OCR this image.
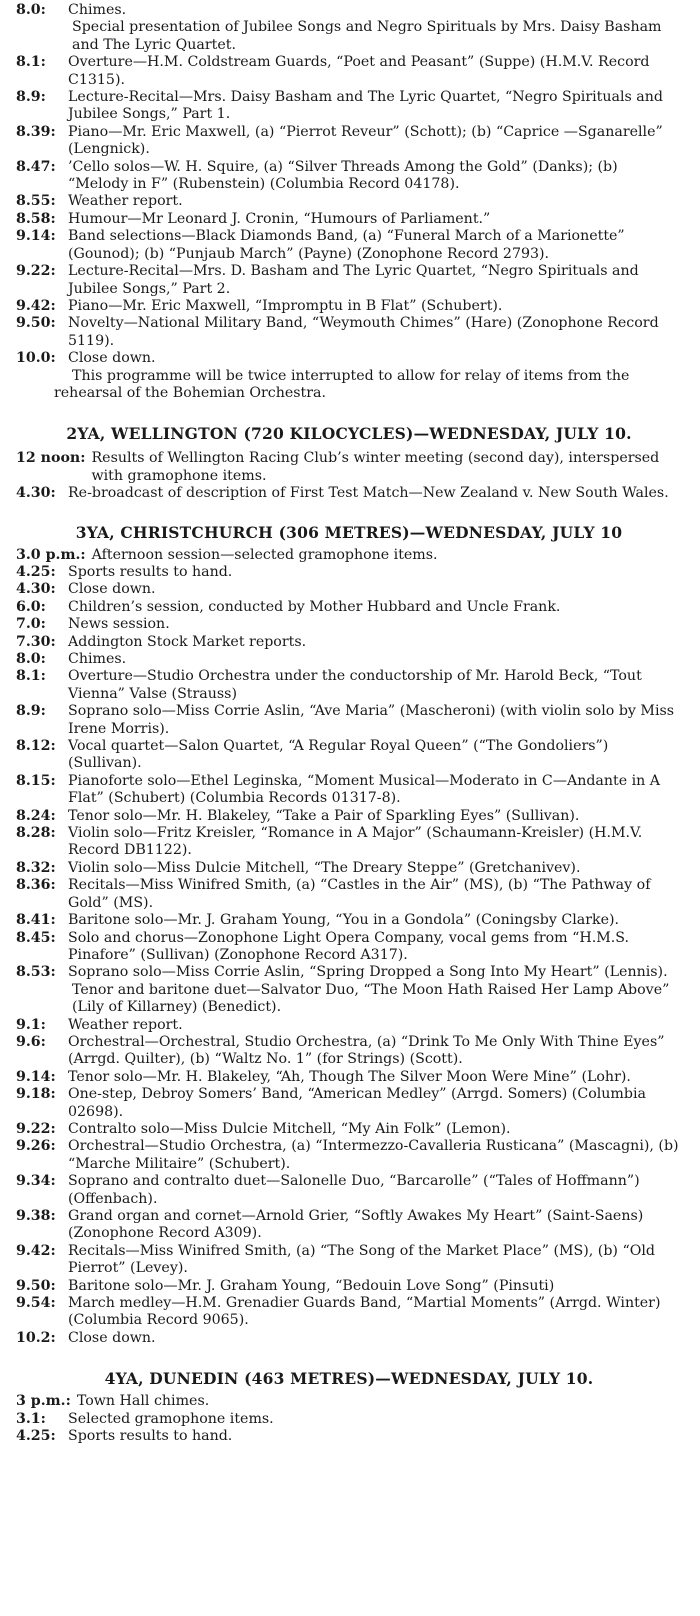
8.0:	Chimes.
Special presentation of Jubilee Songs and Negro Spirituals by Mrs. Daisy Basham and The Lyric Quartet.
8.1:	Overture—H.M. Coldstream Guards, “Poet and Peasant” (Suppe) (H.M.V. Record C1315).
8.9:	Lecture-Recital—Mrs. Daisy Basham and The Lyric Quartet, “Negro Spirituals and Jubilee Songs,” Part 1.
8.39: Piano—Mr. Eric Maxwell, (a) “Pierrot Reveur” (Schott); (b) “Caprice —Sganarelle” (Lengnick).
8.47: ’Cello solos—W. H. Squire, (a) “Silver Threads Among the Gold” (Danks); (b) “Melody in F” (Rubenstein) (Columbia Record 04178).
8.55: Weather report.
8.58: Humour—Mr Leonard J. Cronin, “Humours of Parliament.”
9.14: Band selections—Black Diamonds Band, (a) “Funeral March of a Marionette” (Gounod); (b) “Punjaub March” (Payne) (Zonophone Record 2793).
9.22: Lecture-Recital—Mrs. D. Basham and The Lyric Quartet, “Negro Spirituals and Jubilee Songs,” Part 2.
9.42: Piano—Mr. Eric Maxwell, “Impromptu in B Flat” (Schubert).
9.50: Novelty—National Military Band, “Weymouth Chimes” (Hare) (Zonophone Record 5119).
10.0: Close down.
This programme will be twice interrupted to allow for relay of items from the rehearsal of the Bohemian Orchestra.
2YA, WELLINGTON (720 KILOCYCLES)—WEDNESDAY, JULY 10.
12 noon: Results of Wellington Racing Club’s winter meeting (second day), interspersed with gramophone items.
4.30: Re-broadcast of description of First Test Match—New Zealand v. New South Wales.
3YA, CHRISTCHURCH (306 METRES)—WEDNESDAY, JULY 10
3.0 p.m.: Afternoon session—selected gramophone items.
4.25: Sports results to hand.
4.30: Close down.
6.0:	Children’s session, conducted by Mother Hubbard and Uncle Frank.
7.0:	News session.
7.30: Addington Stock Market reports.
8.0:	Chimes.
8.1:	Overture—Studio Orchestra under the conductorship of Mr. Harold Beck, “Tout Vienna” Valse (Strauss)
8.9:	Soprano solo—Miss Corrie Aslin, “Ave Maria” (Mascheroni) (with violin solo by Miss Irene Morris).
8.12: Vocal quartet—Salon Quartet, “A Regular Royal Queen” (“The Gondoliers”) (Sullivan).
8.15: Pianoforte solo—Ethel Leginska, “Moment Musical—Moderato in C—Andante in A Flat” (Schubert) (Columbia Records 01317-8).
8.24: Tenor solo—Mr. H. Blakeley, “Take a Pair of Sparkling Eyes” (Sullivan).
8.28: Violin solo—Fritz Kreisler, “Romance in A Major” (Schaumann-Kreisler) (H.M.V. Record DB1122).
8.32: Violin solo—Miss Dulcie Mitchell, “The Dreary Steppe” (Gretchanivev).
8.36: Recitals—Miss Winifred Smith, (a) “Castles in the Air” (MS), (b) “The Pathway of Gold” (MS).
8.41: Baritone solo—Mr. J. Graham Young, “You in a Gondola” (Coningsby Clarke).
8.45: Solo and chorus—Zonophone Light Opera Company, vocal gems from “H.M.S. Pinafore” (Sullivan) (Zonophone Record A317).
8.53: Soprano solo—Miss Corrie Aslin, “Spring Dropped a Song Into My Heart” (Lennis).
Tenor and baritone duet—Salvator Duo, “The Moon Hath Raised Her Lamp Above” (Lily of Killarney) (Benedict).
9.1:	Weather report.
9.6:	Orchestral—Orchestral, Studio Orchestra, (a) “Drink To Me Only With Thine Eyes” (Arrgd. Quilter), (b) “Waltz No. 1” (for Strings) (Scott).
9.14: Tenor solo—Mr. H. Blakeley, “Ah, Though The Silver Moon Were Mine” (Lohr).
9.18: One-step, Debroy Somers’ Band, “American Medley” (Arrgd. Somers) (Columbia 02698).
9.22: Contralto solo—Miss Dulcie Mitchell, “My Ain Folk” (Lemon).
9.26: Orchestral—Studio Orchestra, (a) “Intermezzo-Cavalleria Rusticana” (Mascagni), (b) “Marche Militaire” (Schubert).
9.34: Soprano and contralto duet—Salonelle Duo, “Barcarolle” (“Tales of Hoffmann”) (Offenbach).
9.38: Grand organ and cornet—Arnold Grier, “Softly Awakes My Heart” (Saint-Saens) (Zonophone Record A309).
9.42: Recitals—Miss Winifred Smith, (a) “The Song of the Market Place” (MS), (b) “Old Pierrot” (Levey).
9.50: Baritone solo—Mr. J. Graham Young, “Bedouin Love Song” (Pinsuti)
9.54: March medley—H.M. Grenadier Guards Band, “Martial Moments” (Arrgd. Winter) (Columbia Record 9065).
10.2: Close down.
4YA, DUNEDIN (463 METRES)—WEDNESDAY, JULY 10.
3 p.m.: Town Hall chimes.
3.1:	Selected gramophone items.
4.25: Sports results to hand.
